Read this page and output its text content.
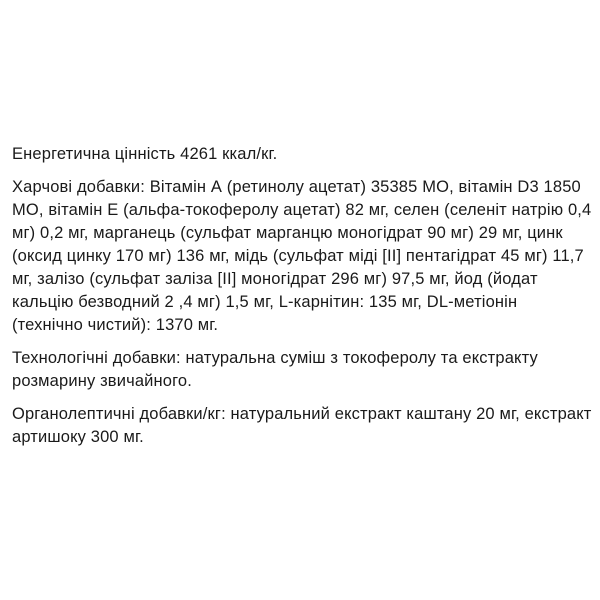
Енергетична цінність 4261 ккал/кг.

Харчові добавки: Вітамін А (ретинолу ацетат) 35385 МО, вітамін D3 1850 МО, вітамін Е (альфа-токоферолу ацетат) 82 мг, селен (селеніт натрію 0,4 мг) 0,2 мг, марганець (сульфат марганцю моногідрат 90 мг) 29 мг, цинк (оксид цинку 170 мг) 136 мг, мідь (сульфат міді [II] пентагідрат 45 мг) 11,7 мг, залізо (сульфат заліза [II] моногідрат 296 мг) 97,5 мг, йод (йодат кальцію безводний 2 ,4 мг) 1,5 мг, L-карнітин: 135 мг, DL-метіонін (технічно чистий): 1370 мг.

Технологічні добавки: натуральна суміш з токоферолу та екстракту розмарину звичайного.

Органолептичні добавки/кг: натуральний екстракт каштану 20 мг, екстракт артишоку 300 мг.
